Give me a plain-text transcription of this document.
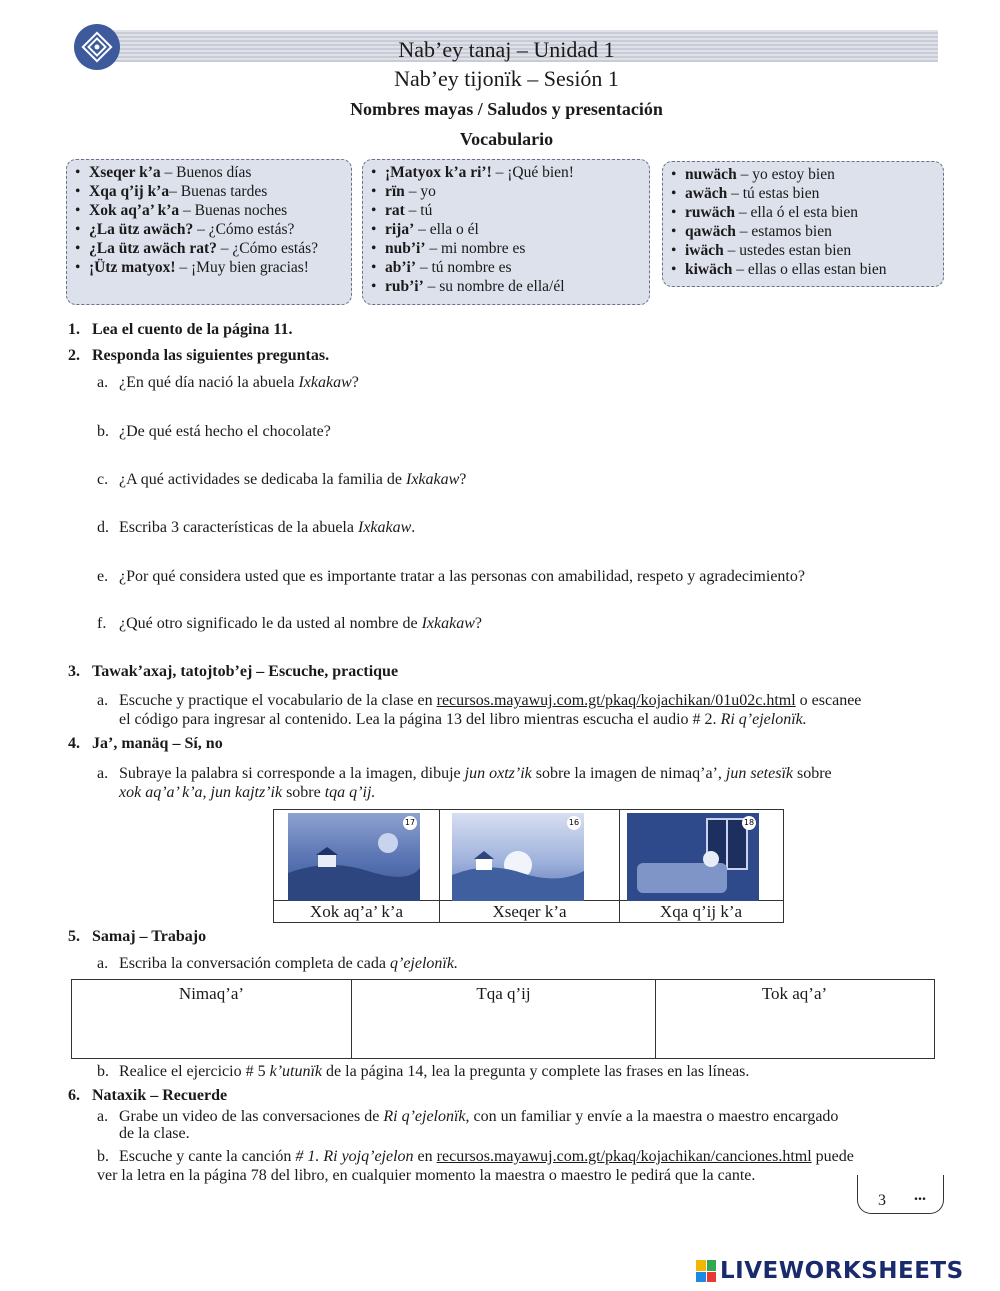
Nab’ey tanaj – Unidad 1
Nab’ey tijonïk – Sesión 1
Nombres mayas / Saludos y presentación
Vocabulario
• Xseqer k’a – Buenos días
• Xqa q’ij k’a– Buenas tardes
• Xok aq’a’ k’a – Buenas noches
• ¿La ütz awäch? – ¿Cómo estás?
• ¿La ütz awäch rat? – ¿Cómo estás?
• ¡Ütz matyox! – ¡Muy bien gracias!
• ¡Matyox k’a ri’! – ¡Qué bien!
• rïn – yo
• rat – tú
• rija’ – ella o él
• nub’i’ – mi nombre es
• ab’i’ – tú nombre es
• rub’i’ – su nombre de ella/él
• nuwäch – yo estoy bien
• awäch – tú estas bien
• ruwäch – ella ó el esta bien
• qawäch – estamos bien
• iwäch – ustedes estan bien
• kiwäch – ellas o ellas estan bien
1. Lea el cuento de la página 11.
2. Responda las siguientes preguntas.
a. ¿En qué día nació la abuela Ixkakaw?
b. ¿De qué está hecho el chocolate?
c. ¿A qué actividades se dedicaba la familia de Ixkakaw?
d. Escriba 3 características de la abuela Ixkakaw.
e. ¿Por qué considera usted que es importante tratar a las personas con amabilidad, respeto y agradecimiento?
f. ¿Qué otro significado le da usted al nombre de Ixkakaw?
3. Tawak’axaj, tatojtob’ej – Escuche, practique
a. Escuche y practique el vocabulario de la clase en recursos.mayawuj.com.gt/pkaq/kojachikan/01u02c.html o escanee
el código para ingresar al contenido. Lea la página 13 del libro mientras escucha el audio # 2. Ri q’ejelonïk.
4. Ja’, manäq – Sí, no
a. Subraye la palabra si corresponde a la imagen, dibuje jun oxtz’ik sobre la imagen de nimaq’a’, jun setesïk sobre
xok aq’a’ k’a, jun kajtz’ik sobre tqa q’ij.
17	16	18
Xok aq’a’ k’a	Xseqer k’a	Xqa q’ij k’a
5. Samaj – Trabajo
a. Escriba la conversación completa de cada q’ejelonïk.
Nimaq’a’	Tqa q’ij	Tok aq’a’
b. Realice el ejercicio # 5 k’utunïk de la página 14, lea la pregunta y complete las frases en las líneas.
6. Nataxik – Recuerde
a. Grabe un video de las conversaciones de Ri q’ejelonïk, con un familiar y envíe a la maestra o maestro encargado
de la clase.
b. Escuche y cante la canción # 1. Ri yojq’ejelon en recursos.mayawuj.com.gt/pkaq/kojachikan/canciones.html puede
ver la letra en la página 78 del libro, en cualquier momento la maestra o maestro le pedirá que la cante.
3 ...
LIVEWORKSHEETS
